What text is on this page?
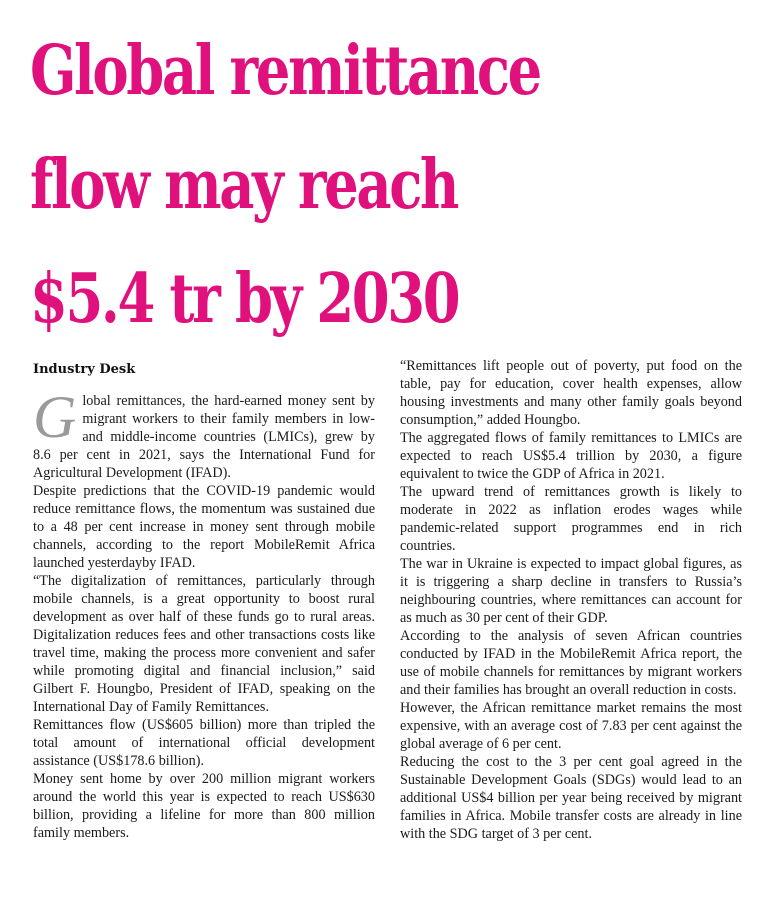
Global remittance
flow may reach
$5.4 tr by 2030
Industry Desk

Global remittances, the hard-earned money sent by migrant workers to their family members in low- and middle-income countries (LMICs), grew by 8.6 per cent in 2021, says the International Fund for Agricultural Development (IFAD).

Despite predictions that the COVID-19 pandemic would reduce remittance flows, the momentum was sustained due to a 48 per cent increase in money sent through mobile channels, according to the report MobileRemit Africa launched yesterdayby IFAD.

“The digitalization of remittances, particularly through mobile channels, is a great opportunity to boost rural development as over half of these funds go to rural areas. Digitalization reduces fees and other transactions costs like travel time, making the process more convenient and safer while promoting digital and financial inclusion,” said Gilbert F. Houngbo, President of IFAD, speaking on the International Day of Family Remittances.

Remittances flow (US$605 billion) more than tripled the total amount of international official development assistance (US$178.6 billion).

Money sent home by over 200 million migrant workers around the world this year is expected to reach US$630 billion, providing a lifeline for more than 800 million family members.

“Remittances lift people out of poverty, put food on the table, pay for education, cover health expenses, allow housing investments and many other family goals beyond consumption,” added Houngbo.

The aggregated flows of family remittances to LMICs are expected to reach US$5.4 trillion by 2030, a figure equivalent to twice the GDP of Africa in 2021.

The upward trend of remittances growth is likely to moderate in 2022 as inflation erodes wages while pandemic-related support programmes end in rich countries.

The war in Ukraine is expected to impact global figures, as it is triggering a sharp decline in transfers to Russia’s neighbouring countries, where remittances can account for as much as 30 per cent of their GDP.

According to the analysis of seven African countries conducted by IFAD in the MobileRemit Africa report, the use of mobile channels for remittances by migrant workers and their families has brought an overall reduction in costs.

However, the African remittance market remains the most expensive, with an average cost of 7.83 per cent against the global average of 6 per cent.

Reducing the cost to the 3 per cent goal agreed in the Sustainable Development Goals (SDGs) would lead to an additional US$4 billion per year being received by migrant families in Africa. Mobile transfer costs are already in line with the SDG target of 3 per cent.
